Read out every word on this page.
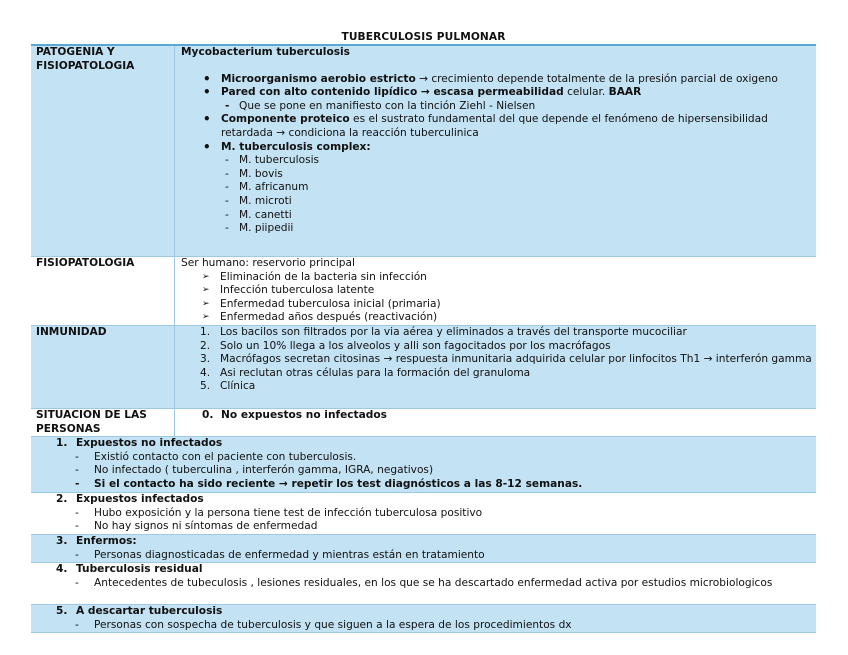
TUBERCULOSIS PULMONAR
PATOGENIA Y FISIOPATOLOGIA
Mycobacterium tuberculosis
• Microorganismo aerobio estricto → crecimiento depende totalmente de la presión parcial de oxigeno
• Pared con alto contenido lipídico → escasa permeabilidad celular. BAAR
- Que se pone en manifiesto con la tinción Ziehl - Nielsen
• Componente proteico es el sustrato fundamental del que depende el fenómeno de hipersensibilidad retardada → condiciona la reacción tuberculinica
• M. tuberculosis complex:
- M. tuberculosis
- M. bovis
- M. africanum
- M. microti
- M. canetti
- M. piipedii
FISIOPATOLOGIA	Ser humano: reservorio principal
➢ Eliminación de la bacteria sin infección
➢ Infección tuberculosa latente
➢ Enfermedad tuberculosa inicial (primaria)
➢ Enfermedad años después (reactivación)
INMUNIDAD	1. Los bacilos son filtrados por la via aérea y eliminados a través del transporte mucociliar
2. Solo un 10% llega a los alveolos y alli son fagocitados por los macrófagos
3. Macrófagos secretan citosinas → respuesta inmunitaria adquirida celular por linfocitos Th1 → interferón gamma
4. Asi reclutan otras células para la formación del granuloma
5. Clínica
SITUACION DE LAS PERSONAS
0. No expuestos no infectados
1. Expuestos no infectados
- Existió contacto con el paciente con tuberculosis.
- No infectado ( tuberculina , interferón gamma, IGRA, negativos)
- Si el contacto ha sido reciente → repetir los test diagnósticos a las 8-12 semanas.
2. Expuestos infectados
- Hubo exposición y la persona tiene test de infección tuberculosa positivo
- No hay signos ni síntomas de enfermedad
3. Enfermos:
- Personas diagnosticadas de enfermedad y mientras están en tratamiento
4. Tuberculosis residual
- Antecedentes de tubeculosis , lesiones residuales, en los que se ha descartado enfermedad activa por estudios microbiologicos
5. A descartar tuberculosis
- Personas con sospecha de tuberculosis y que siguen a la espera de los procedimientos dx
